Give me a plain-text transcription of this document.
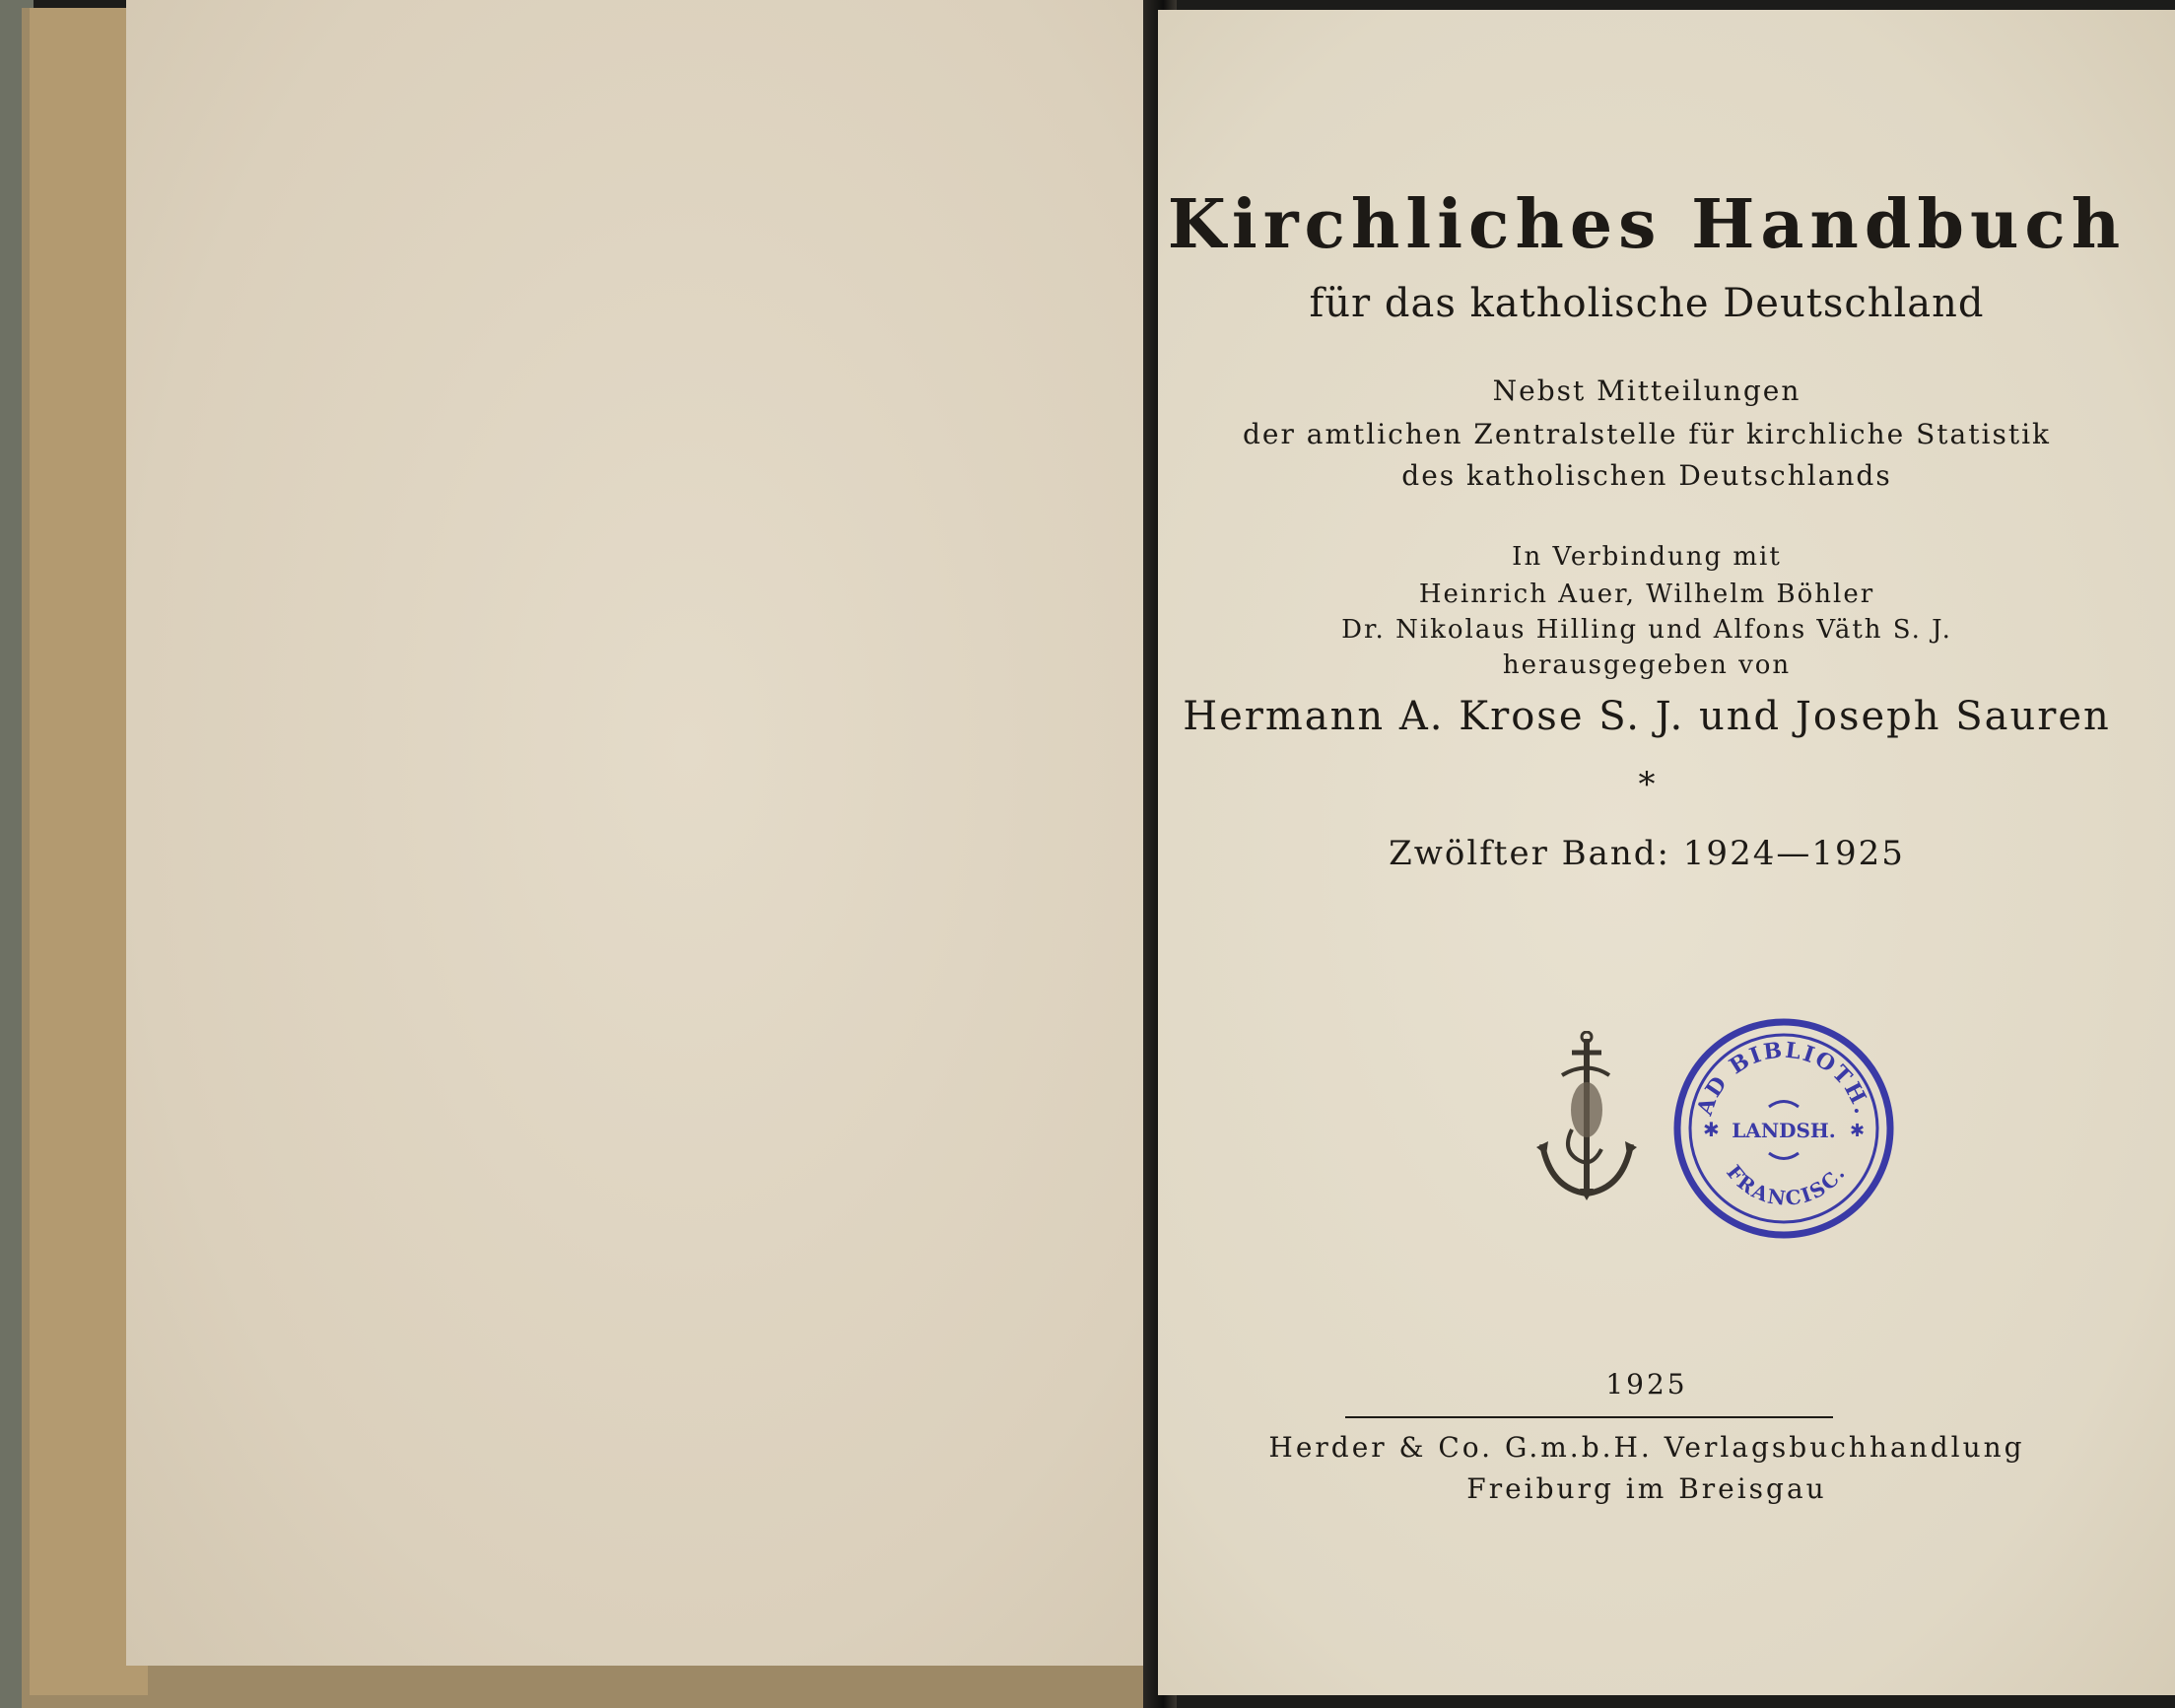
Kirchliches Handbuch
für das katholische Deutschland
Nebst Mitteilungen
der amtlichen Zentralstelle für kirchliche Statistik
des katholischen Deutschlands
In Verbindung mit
Heinrich Auer, Wilhelm Böhler
Dr. Nikolaus Hilling und Alfons Väth S. J.
herausgegeben von
Hermann A. Krose S. J. und Joseph Sauren
*
Zwölfter Band: 1924—1925
AD BIBLIOTH.
LANDSH.
FRANCISC.
✱	✱
1925
Herder & Co. G.m.b.H. Verlagsbuchhandlung
Freiburg im Breisgau
